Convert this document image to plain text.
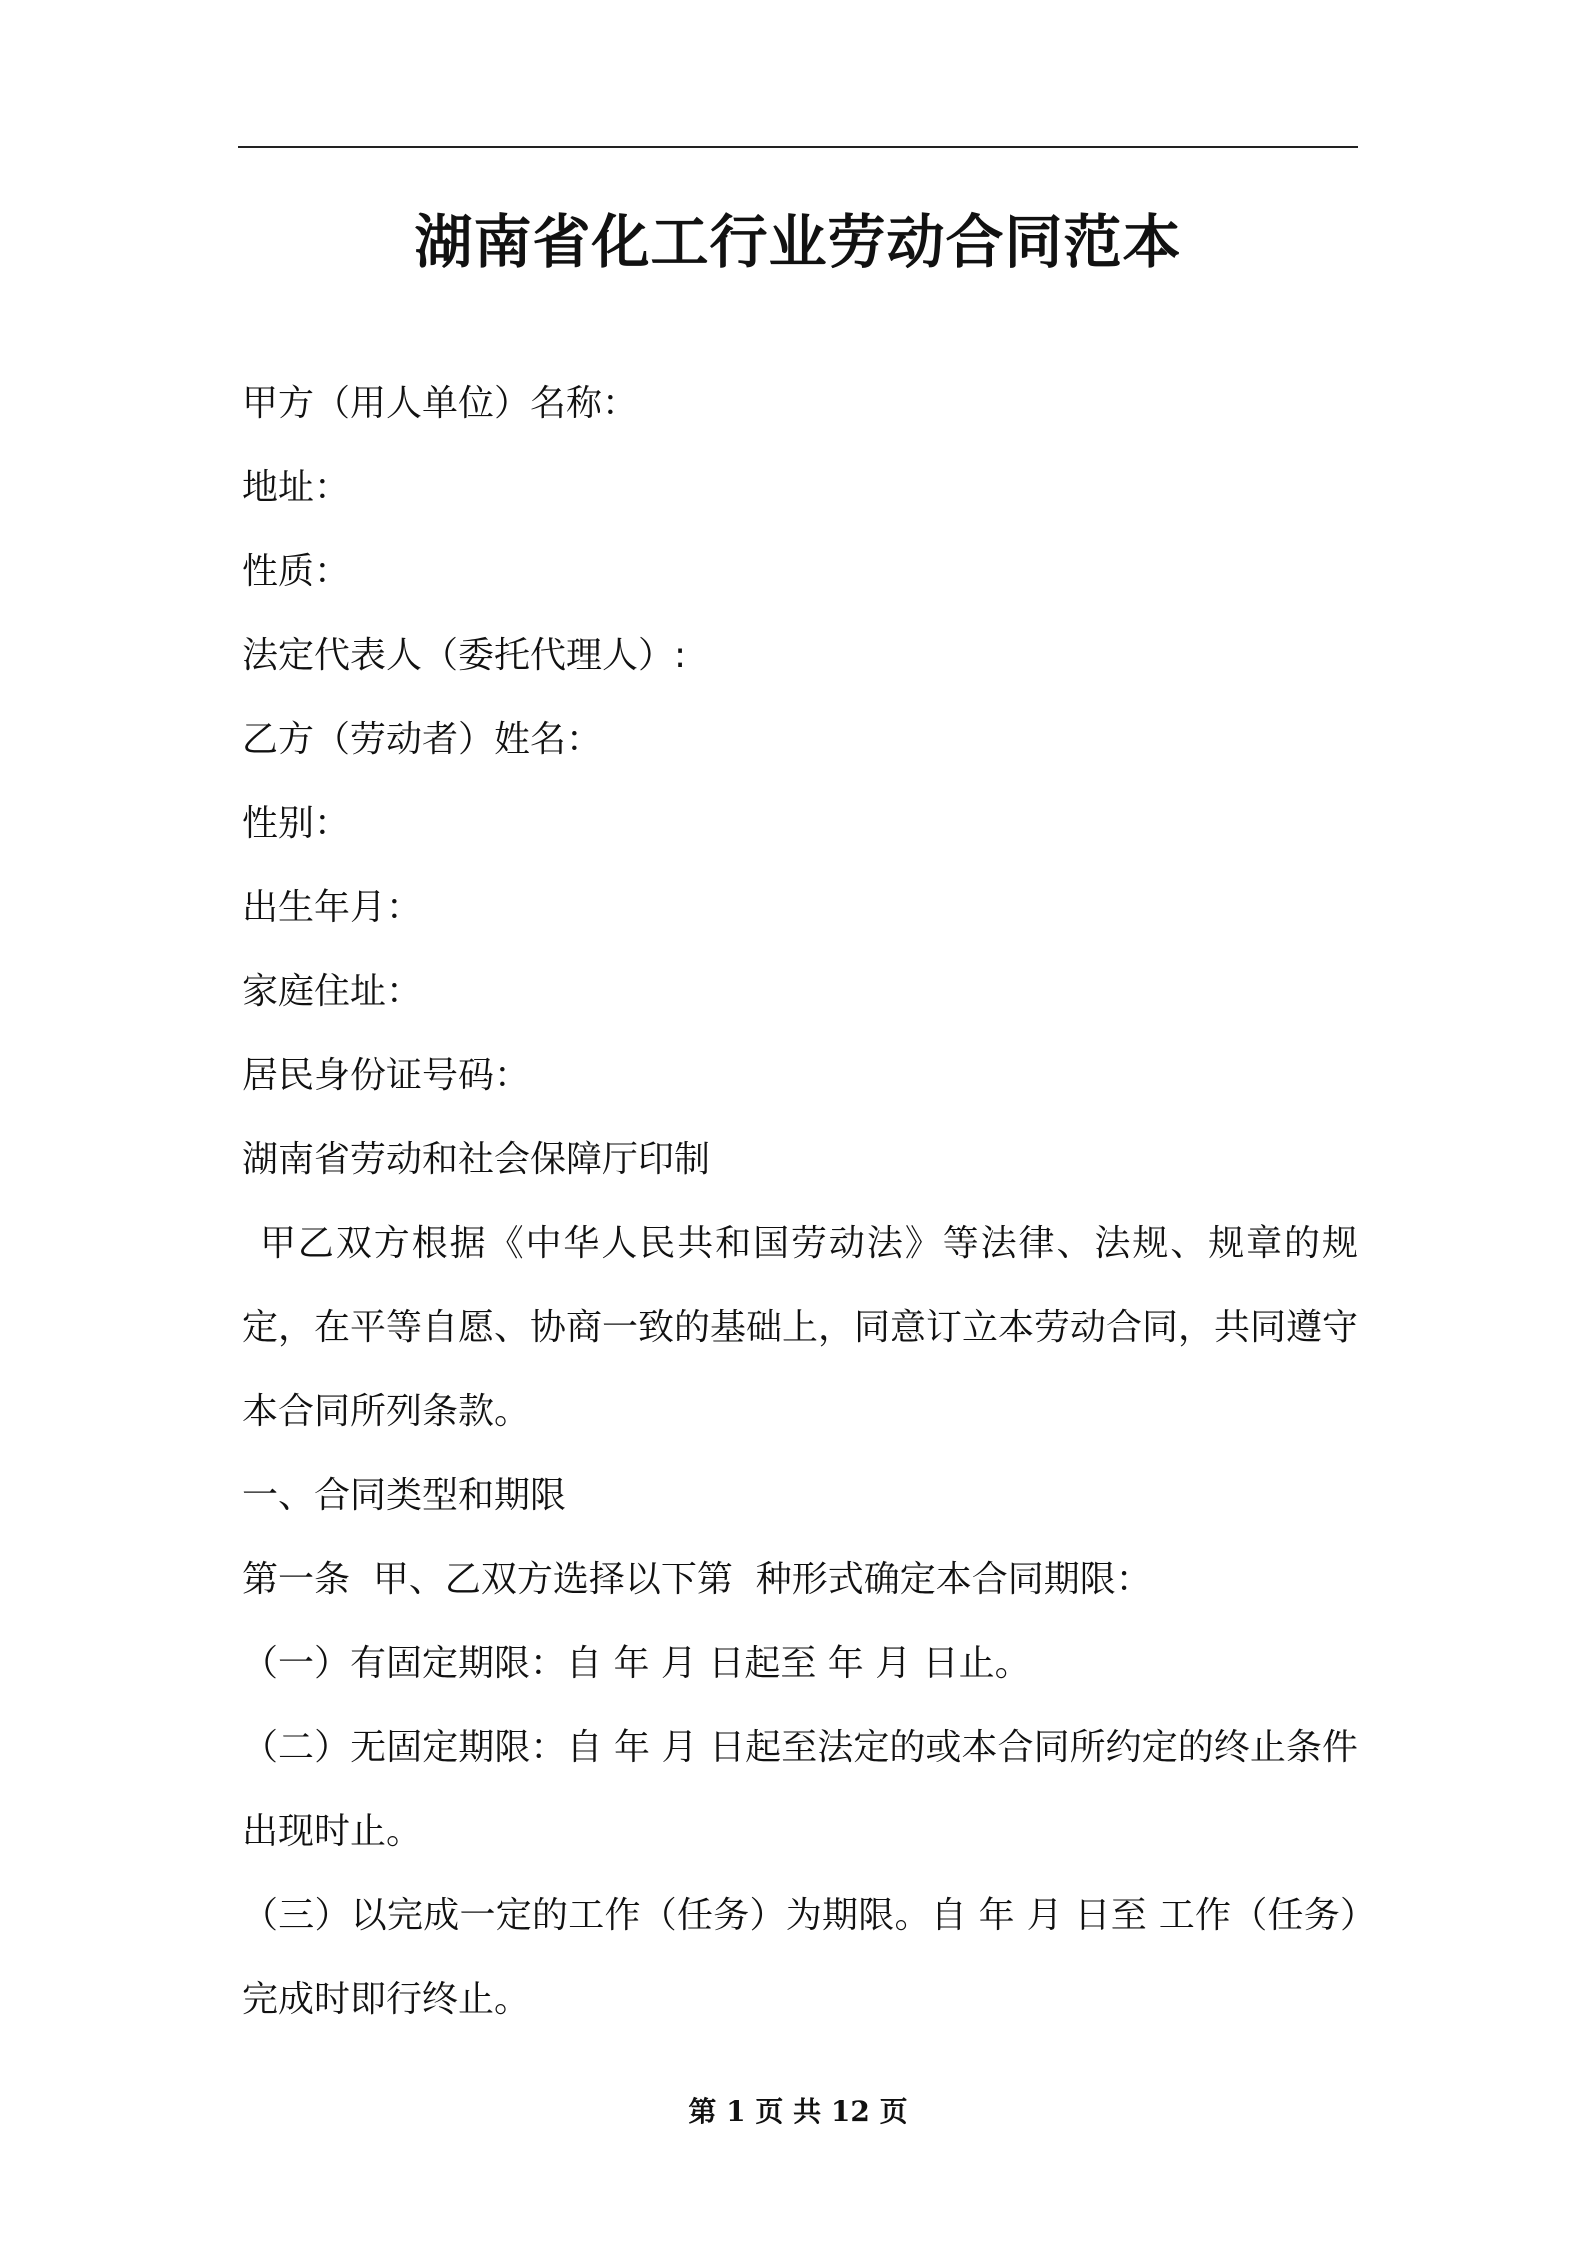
湖南省化工行业劳动合同范本
甲方（用人单位）名称：
地址：
性质：
法定代表人（委托代理人）:
乙方（劳动者）姓名：
性别：
出生年月：
家庭住址：
居民身份证号码：
湖南省劳动和社会保障厅印制
甲乙双方根据《中华人民共和国劳动法》等法律、法规、规章的规定，在平等自愿、协商一致的基础上，同意订立本劳动合同，共同遵守本合同所列条款。
一、合同类型和期限
第一条  甲、乙双方选择以下第  种形式确定本合同期限：
（一）有固定期限：自 年 月 日起至 年 月 日止。
（二）无固定期限：自 年 月 日起至法定的或本合同所约定的终止条件出现时止。
（三）以完成一定的工作（任务）为期限。自 年 月 日至 工作（任务）完成时即行终止。
第 1 页 共 12 页
